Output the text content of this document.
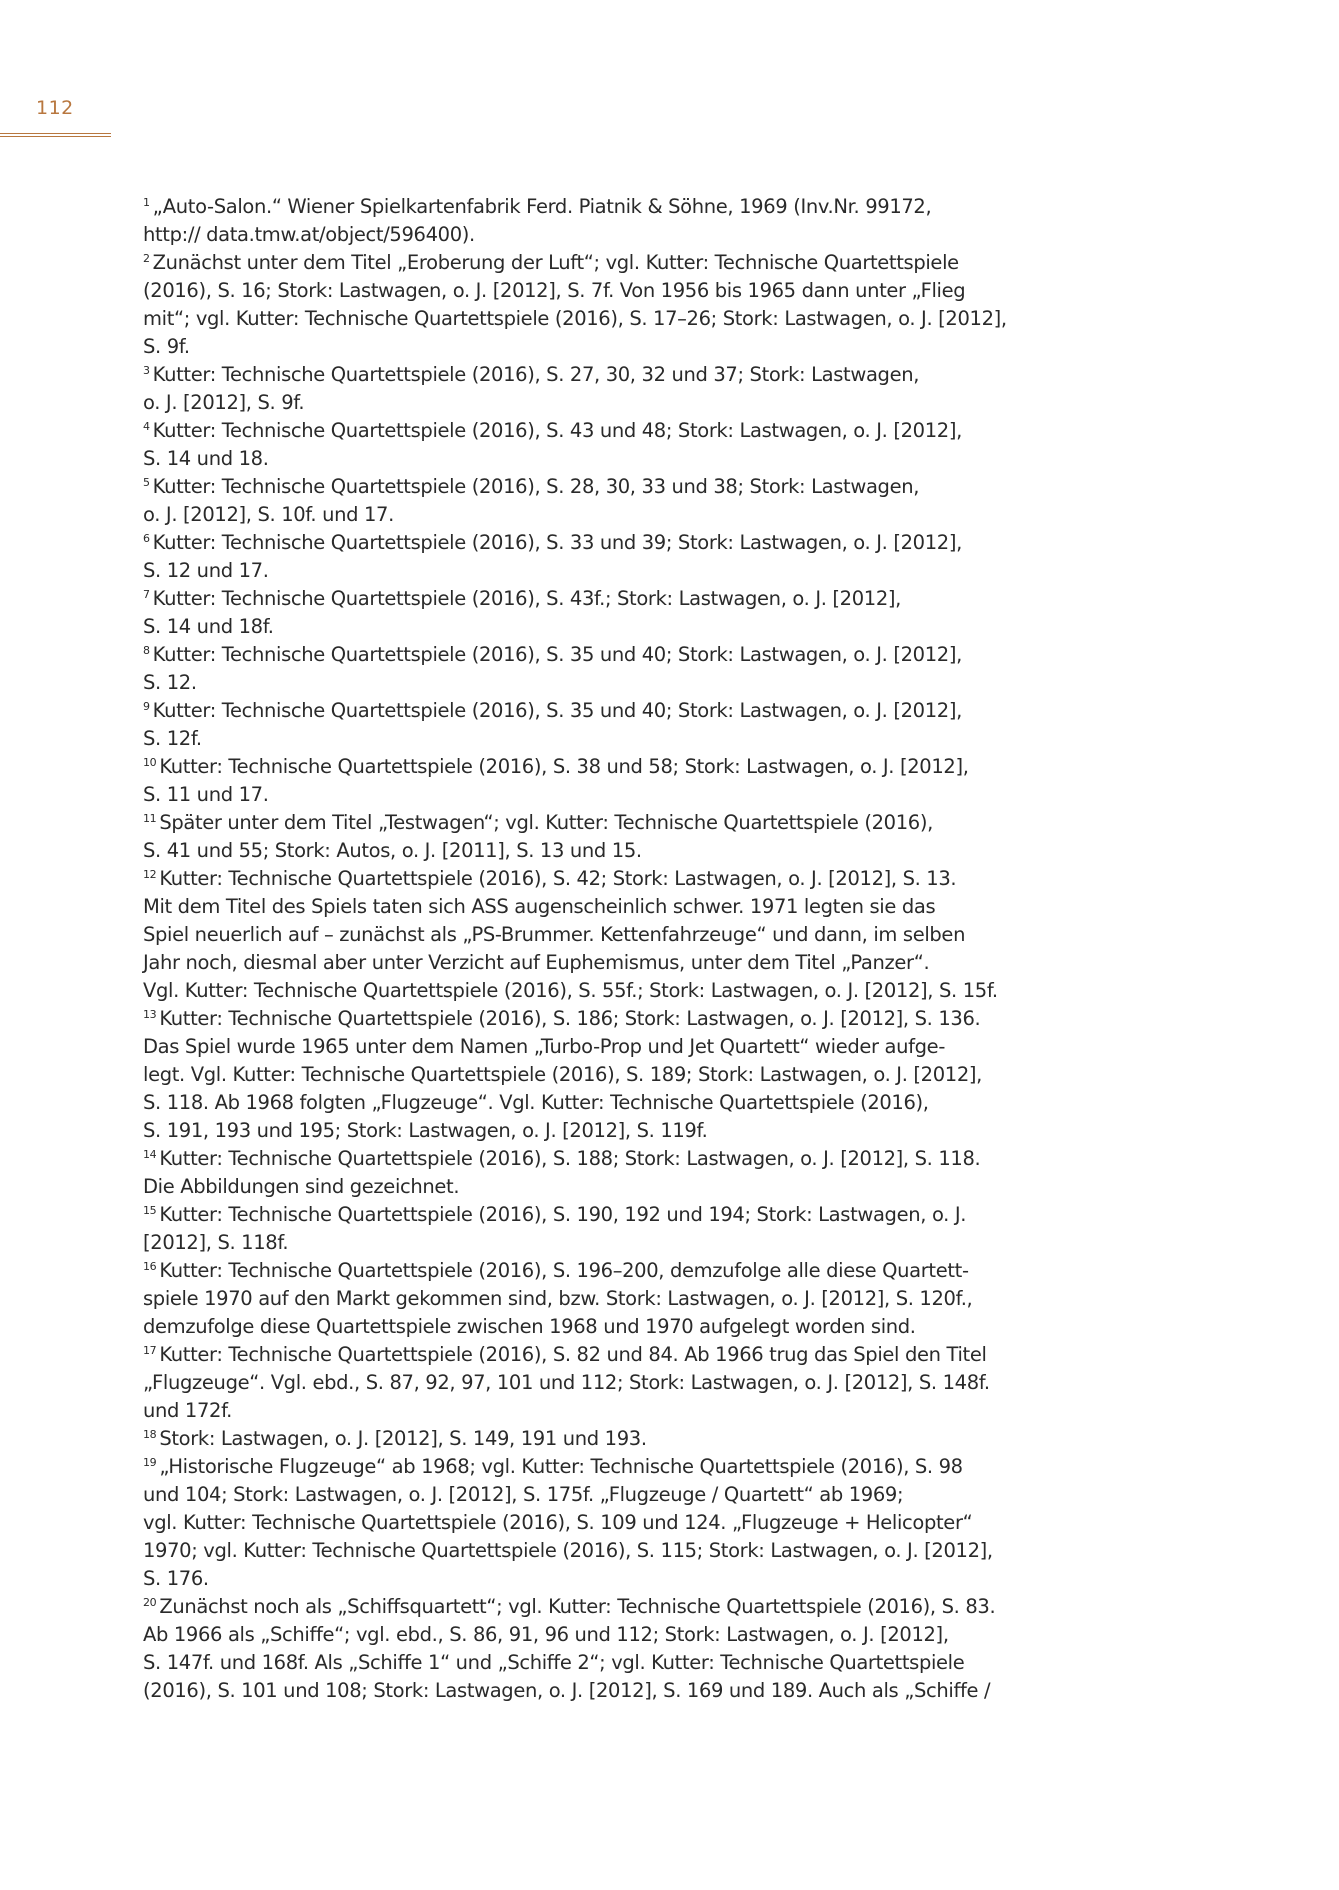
112
$^1$ „Auto-Salon.“ Wiener Spielkartenfabrik Ferd. Piatnik & Söhne, 1969 (Inv.Nr. 99172,
http:// data.tmw.at/object/596400).
$^2$ Zunächst unter dem Titel „Eroberung der Luft“; vgl. Kutter: Technische Quartettspiele
(2016), S. 16; Stork: Lastwagen, o. J. [2012], S. 7f. Von 1956 bis 1965 dann unter „Flieg
mit“; vgl. Kutter: Technische Quartettspiele (2016), S. 17–26; Stork: Lastwagen, o. J. [2012],
S. 9f.
$^3$ Kutter: Technische Quartettspiele (2016), S. 27, 30, 32 und 37; Stork: Lastwagen,
o. J. [2012], S. 9f.
$^4$ Kutter: Technische Quartettspiele (2016), S. 43 und 48; Stork: Lastwagen, o. J. [2012],
S. 14 und 18.
$^5$ Kutter: Technische Quartettspiele (2016), S. 28, 30, 33 und 38; Stork: Lastwagen,
o. J. [2012], S. 10f. und 17.
$^6$ Kutter: Technische Quartettspiele (2016), S. 33 und 39; Stork: Lastwagen, o. J. [2012],
S. 12 und 17.
$^7$ Kutter: Technische Quartettspiele (2016), S. 43f.; Stork: Lastwagen, o. J. [2012],
S. 14 und 18f.
$^8$ Kutter: Technische Quartettspiele (2016), S. 35 und 40; Stork: Lastwagen, o. J. [2012],
S. 12.
$^9$ Kutter: Technische Quartettspiele (2016), S. 35 und 40; Stork: Lastwagen, o. J. [2012],
S. 12f.
$^{10}$ Kutter: Technische Quartettspiele (2016), S. 38 und 58; Stork: Lastwagen, o. J. [2012],
S. 11 und 17.
$^{11}$ Später unter dem Titel „Testwagen“; vgl. Kutter: Technische Quartettspiele (2016),
S. 41 und 55; Stork: Autos, o. J. [2011], S. 13 und 15.
$^{12}$ Kutter: Technische Quartettspiele (2016), S. 42; Stork: Lastwagen, o. J. [2012], S. 13.
Mit dem Titel des Spiels taten sich ASS augenscheinlich schwer. 1971 legten sie das
Spiel neuerlich auf – zunächst als „PS-Brummer. Kettenfahrzeuge“ und dann, im selben
Jahr noch, diesmal aber unter Verzicht auf Euphemismus, unter dem Titel „Panzer“.
Vgl. Kutter: Technische Quartettspiele (2016), S. 55f.; Stork: Lastwagen, o. J. [2012], S. 15f.
$^{13}$ Kutter: Technische Quartettspiele (2016), S. 186; Stork: Lastwagen, o. J. [2012], S. 136.
Das Spiel wurde 1965 unter dem Namen „Turbo-Prop und Jet Quartett“ wieder aufge-
legt. Vgl. Kutter: Technische Quartettspiele (2016), S. 189; Stork: Lastwagen, o. J. [2012],
S. 118. Ab 1968 folgten „Flugzeuge“. Vgl. Kutter: Technische Quartettspiele (2016),
S. 191, 193 und 195; Stork: Lastwagen, o. J. [2012], S. 119f.
$^{14}$ Kutter: Technische Quartettspiele (2016), S. 188; Stork: Lastwagen, o. J. [2012], S. 118.
Die Abbildungen sind gezeichnet.
$^{15}$ Kutter: Technische Quartettspiele (2016), S. 190, 192 und 194; Stork: Lastwagen, o. J.
[2012], S. 118f.
$^{16}$ Kutter: Technische Quartettspiele (2016), S. 196–200, demzufolge alle diese Quartett-
spiele 1970 auf den Markt gekommen sind, bzw. Stork: Lastwagen, o. J. [2012], S. 120f.,
demzufolge diese Quartettspiele zwischen 1968 und 1970 aufgelegt worden sind.
$^{17}$ Kutter: Technische Quartettspiele (2016), S. 82 und 84. Ab 1966 trug das Spiel den Titel
„Flugzeuge“. Vgl. ebd., S. 87, 92, 97, 101 und 112; Stork: Lastwagen, o. J. [2012], S. 148f.
und 172f.
$^{18}$ Stork: Lastwagen, o. J. [2012], S. 149, 191 und 193.
$^{19}$ „Historische Flugzeuge“ ab 1968; vgl. Kutter: Technische Quartettspiele (2016), S. 98
und 104; Stork: Lastwagen, o. J. [2012], S. 175f. „Flugzeuge / Quartett“ ab 1969;
vgl. Kutter: Technische Quartettspiele (2016), S. 109 und 124. „Flugzeuge + Helicopter“
1970; vgl. Kutter: Technische Quartettspiele (2016), S. 115; Stork: Lastwagen, o. J. [2012],
S. 176.
$^{20}$ Zunächst noch als „Schiffsquartett“; vgl. Kutter: Technische Quartettspiele (2016), S. 83.
Ab 1966 als „Schiffe“; vgl. ebd., S. 86, 91, 96 und 112; Stork: Lastwagen, o. J. [2012],
S. 147f. und 168f. Als „Schiffe 1“ und „Schiffe 2“; vgl. Kutter: Technische Quartettspiele
(2016), S. 101 und 108; Stork: Lastwagen, o. J. [2012], S. 169 und 189. Auch als „Schiffe /
